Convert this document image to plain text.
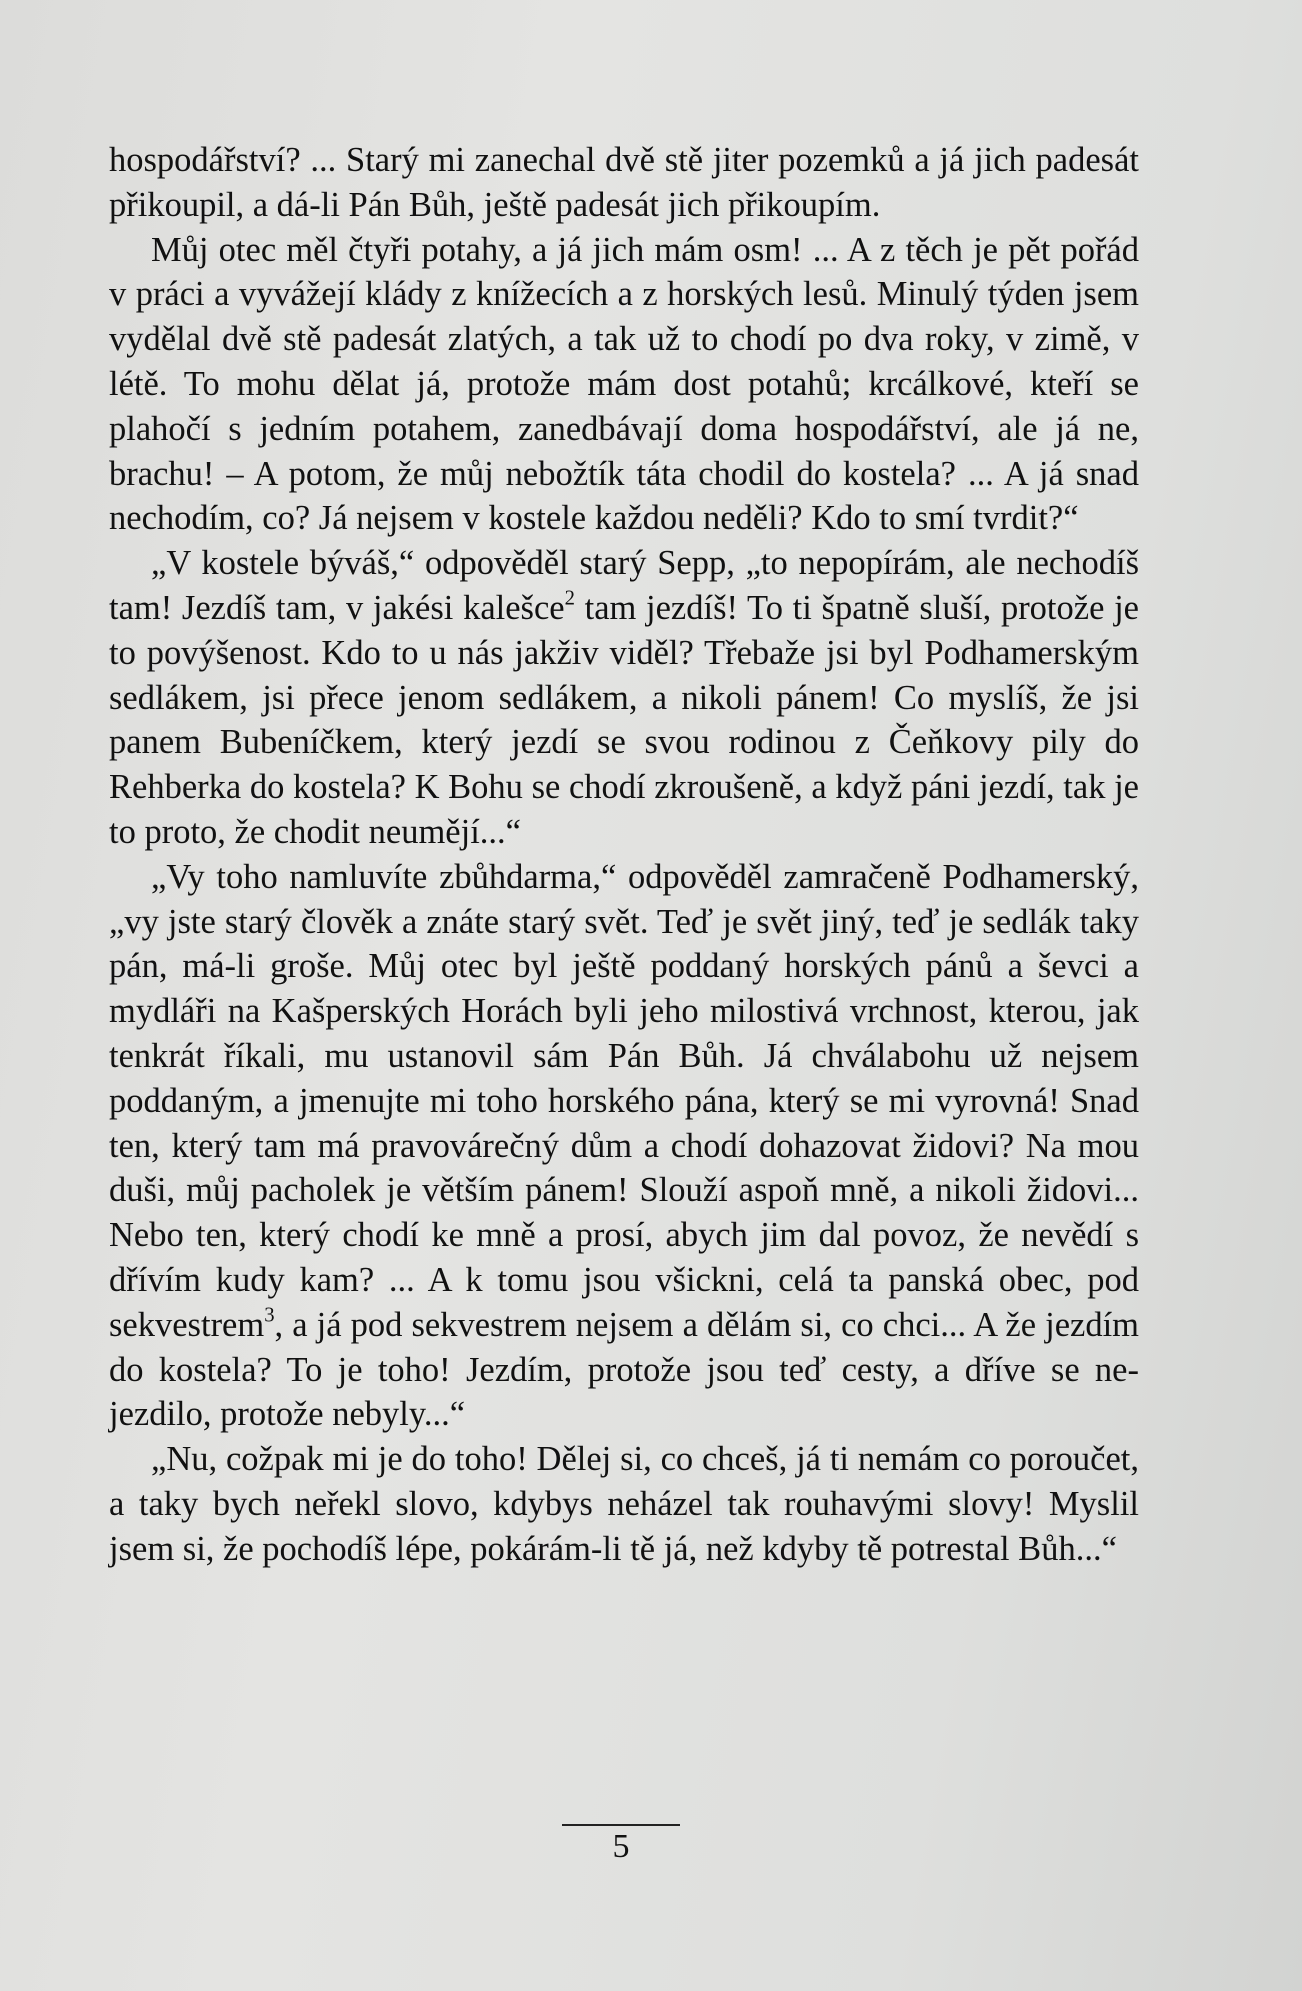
hospodářství? ... Starý mi zanechal dvě stě jiter pozemků a já jich padesát přikoupil, a dá-li Pán Bůh, ještě padesát jich přikoupím.

Můj otec měl čtyři potahy, a já jich mám osm! ... A z těch je pět pořád v práci a vyvážejí klády z knížecích a z horských lesů. Minulý týden jsem vydělal dvě stě padesát zlatých, a tak už to chodí po dva roky, v zimě, v létě. To mohu dělat já, protože mám dost potahů; krcálkové, kteří se plahočí s jedním potahem, zanedbávají doma hospodářství, ale já ne, brachu! – A potom, že můj nebožtík táta chodil do kostela? ... A já snad nechodím, co? Já nejsem v kostele každou neděli? Kdo to smí tvrdit?“

„V kostele býváš,“ odpověděl starý Sepp, „to nepopírám, ale nechodíš tam! Jezdíš tam, v jakési kalešce$^2$ tam jezdíš! To ti špatně sluší, protože je to povýšenost. Kdo to u nás jakživ viděl? Třebaže jsi byl Podhamerským sedlákem, jsi přece jenom sedlákem, a nikoli pánem! Co myslíš, že jsi panem Bubeníčkem, který jezdí se svou rodinou z Čeňkovy pily do Rehberka do kostela? K Bohu se chodí zkroušeně, a když páni jezdí, tak je to proto, že chodit neumějí...“

„Vy toho namluvíte zbůhdarma,“ odpověděl zamračeně Podhamerský, „vy jste starý člověk a znáte starý svět. Teď je svět jiný, teď je sedlák taky pán, má-li groše. Můj otec byl ještě poddaný horských pánů a ševci a mydláři na Kašperských Horách byli jeho milostivá vrchnost, kterou, jak tenkrát říkali, mu ustanovil sám Pán Bůh. Já chválabohu už nejsem poddaným, a jmenujte mi toho horského pána, který se mi vyrovná! Snad ten, který tam má pravovárečný dům a chodí dohazovat židovi? Na mou duši, můj pacholek je větším pánem! Slouží aspoň mně, a nikoli židovi... Nebo ten, který chodí ke mně a prosí, abych jim dal povoz, že nevědí s dřívím kudy kam? ... A k tomu jsou všickni, celá ta panská obec, pod sekvestrem$^3$, a já pod sekvestrem nejsem a dělám si, co chci... A že jezdím do kostela? To je toho! Jezdím, protože jsou teď cesty, a dříve se nejezdilo, protože nebyly...“

„Nu, cožpak mi je do toho! Dělej si, co chceš, já ti nemám co poroučet, a taky bych neřekl slovo, kdybys neházel tak rouhavými slovy! Myslil jsem si, že pochodíš lépe, pokárám-li tě já, než kdyby tě potrestal Bůh...“

5
